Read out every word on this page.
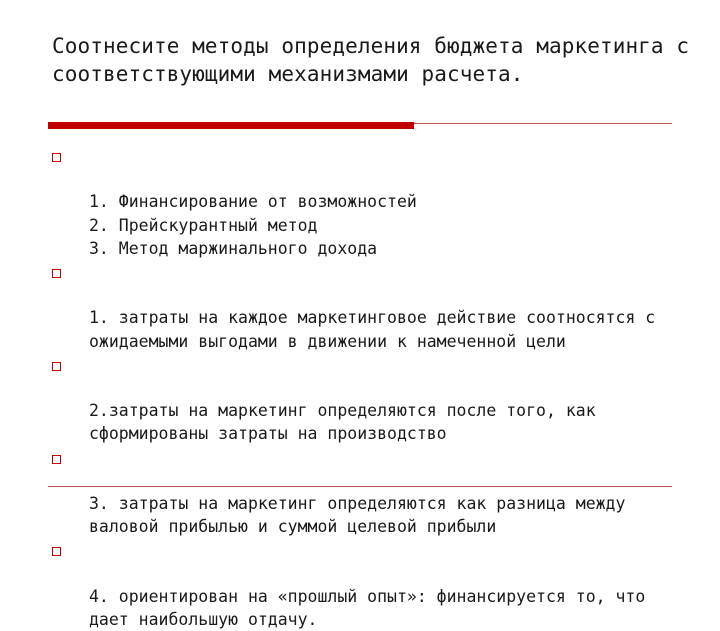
Соотнесите методы определения бюджета маркетинга с соответствующими механизмами расчета.

1. Финансирование от возможностей
2. Прейскурантный метод
3. Метод маржинального дохода

1. затраты на каждое маркетинговое действие соотносятся с ожидаемыми выгодами в движении к намеченной цели

2.затраты на маркетинг определяются после того, как сформированы затраты на производство

3. затраты на маркетинг определяются как разница между валовой прибылью и суммой целевой прибыли

4. ориентирован на «прошлый опыт»: финансируется то, что дает наибольшую отдачу.
